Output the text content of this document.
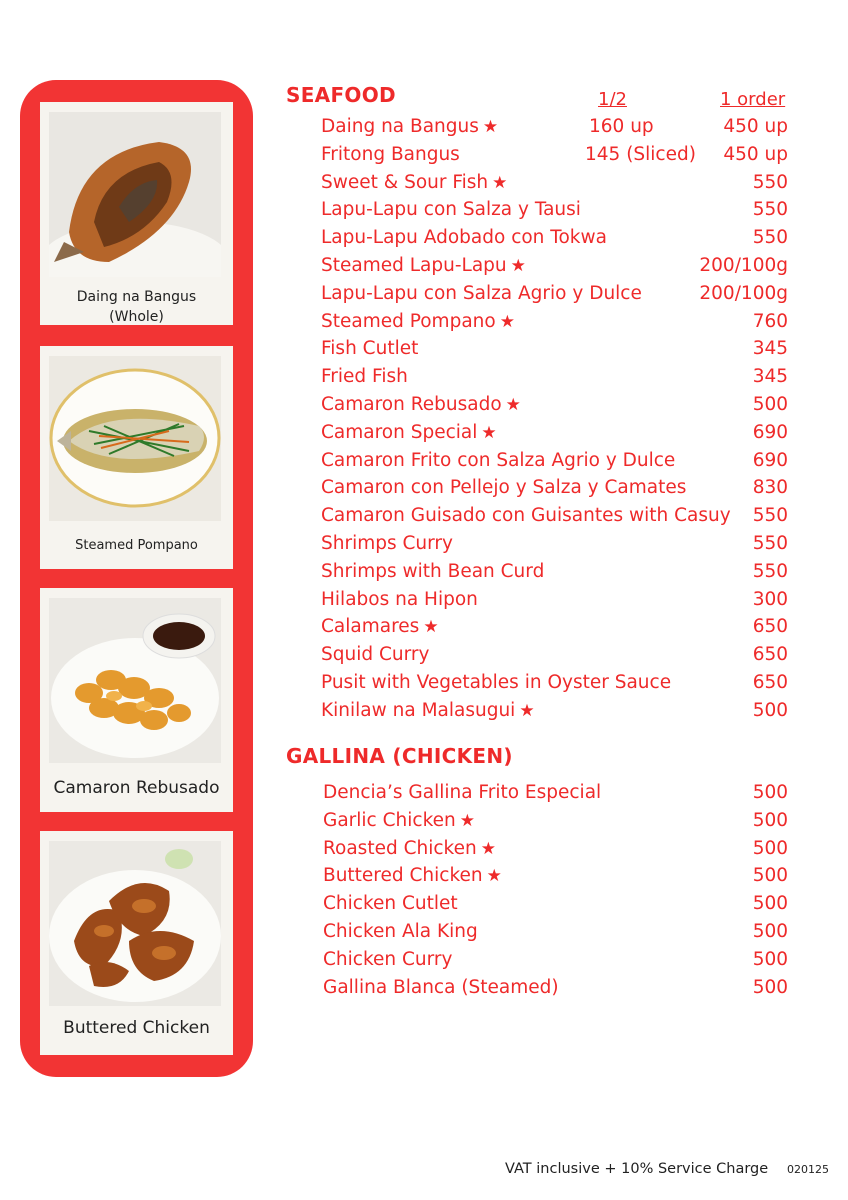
Daing na Bangus (Whole)
Steamed Pompano
Camaron Rebusado
Buttered Chicken
SEAFOOD	1/2	1 order
Daing na Bangus ★	160 up	450 up
Fritong Bangus	145 (Sliced) 450 up
Sweet & Sour Fish ★	550
Lapu-Lapu con Salza y Tausi	550
Lapu-Lapu Adobado con Tokwa	550
Steamed Lapu-Lapu ★	200/100g
Lapu-Lapu con Salza Agrio y Dulce	200/100g
Steamed Pompano ★	760
Fish Cutlet	345
Fried Fish	345
Camaron Rebusado ★	500
Camaron Special ★	690
Camaron Frito con Salza Agrio y Dulce	690
Camaron con Pellejo y Salza y Camates	830
Camaron Guisado con Guisantes with Casuy 550
Shrimps Curry	550
Shrimps with Bean Curd	550
Hilabos na Hipon	300
Calamares ★	650
Squid Curry	650
Pusit with Vegetables in Oyster Sauce	650
Kinilaw na Malasugui ★	500
GALLINA (CHICKEN)
Dencia’s Gallina Frito Especial	500
Garlic Chicken ★	500
Roasted Chicken ★	500
Buttered Chicken ★	500
Chicken Cutlet	500
Chicken Ala King	500
Chicken Curry	500
Gallina Blanca (Steamed)	500
VAT inclusive + 10% Service Charge 020125
